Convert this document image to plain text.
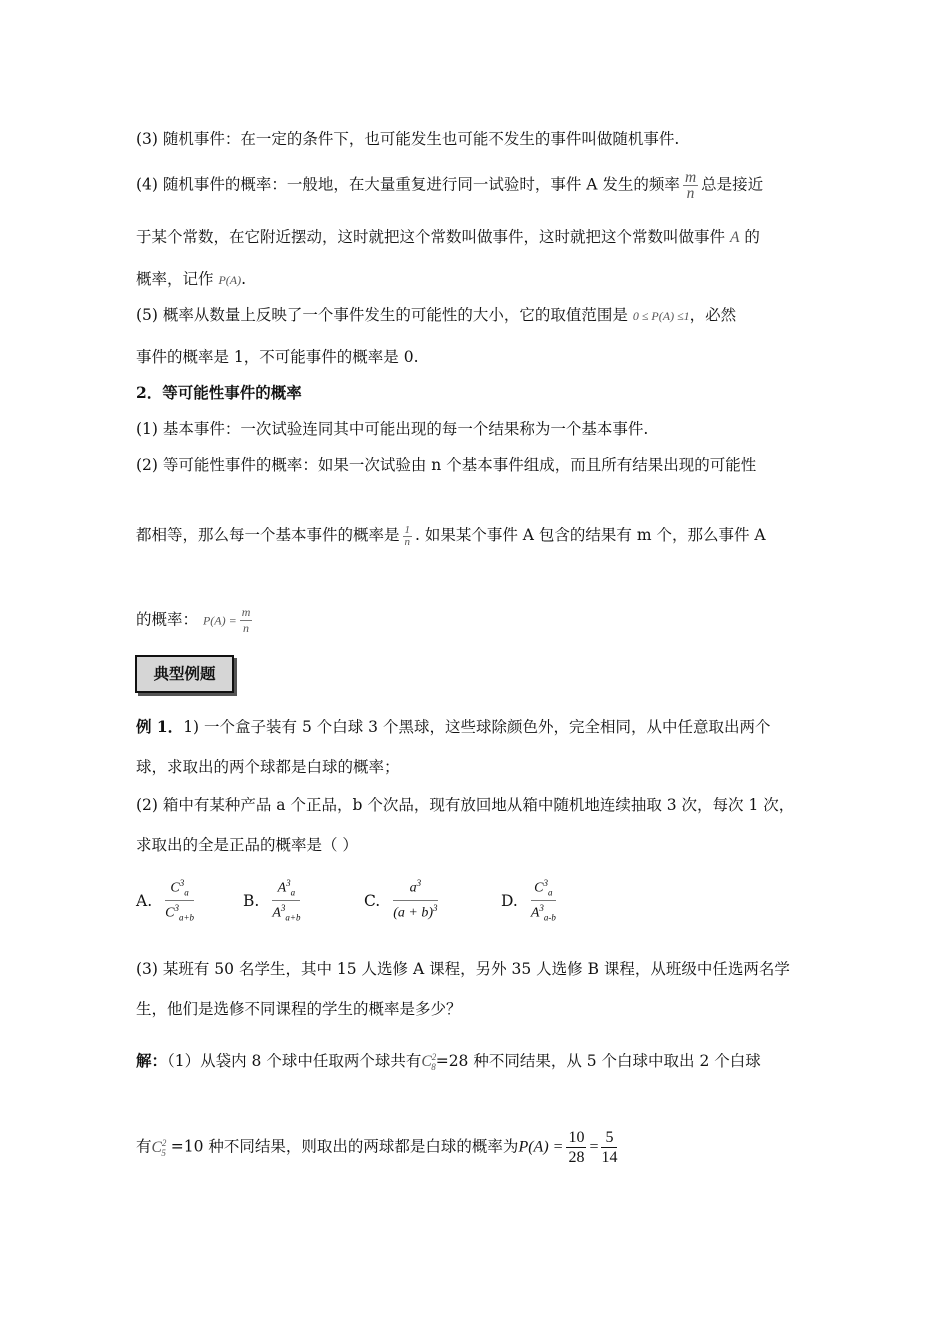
(3) 随机事件：在一定的条件下，也可能发生也可能不发生的事件叫做随机事件.
(4) 随机事件的概率：一般地，在大量重复进行同一试验时，事件 A 发生的频率 $\frac{m}{n}$ 总是接近
于某个常数，在它附近摆动，这时就把这个常数叫做事件，这时就把这个常数叫做事件 A 的
概率，记作 P(A).
(5) 概率从数量上反映了一个事件发生的可能性的大小，它的取值范围是 0 ≤ P(A) ≤1，必然
事件的概率是 1，不可能事件的概率是 0.
2．等可能性事件的概率
(1) 基本事件：一次试验连同其中可能出现的每一个结果称为一个基本事件.
(2) 等可能性事件的概率：如果一次试验由 n 个基本事件组成，而且所有结果出现的可能性
都相等，那么每一个基本事件的概率是 $\frac{1}{n}$ . 如果某个事件 A 包含的结果有 m 个，那么事件 A
的概率： $P(A) = \frac{m}{n}$
典型例题
例 1．1) 一个盒子装有 5 个白球 3 个黑球，这些球除颜色外，完全相同，从中任意取出两个
球，求取出的两个球都是白球的概率；
(2) 箱中有某种产品 a 个正品，b 个次品，现有放回地从箱中随机地连续抽取 3 次，每次 1 次，
求取出的全是正品的概率是（ ）
A. $\frac{C^3_a}{C^3_{a+b}}$	B. $\frac{A^3_a}{A^3_{a+b}}$	C. $\frac{a^3}{(a + b)^3}$	D. $\frac{C^3_a}{A^3_{a-b}}$
(3) 某班有 50 名学生，其中 15 人选修 A 课程，另外 35 人选修 B 课程，从班级中任选两名学
生，他们是选修不同课程的学生的概率是多少？
解：（1）从袋内 8 个球中任取两个球共有$C^2_8=28$ 种不同结果，从 5 个白球中取出 2 个白球
有$C^2_5 =10$ 种不同结果，则取出的两球都是白球的概率为$P(A) = \frac{10}{28} = \frac{5}{14}$
